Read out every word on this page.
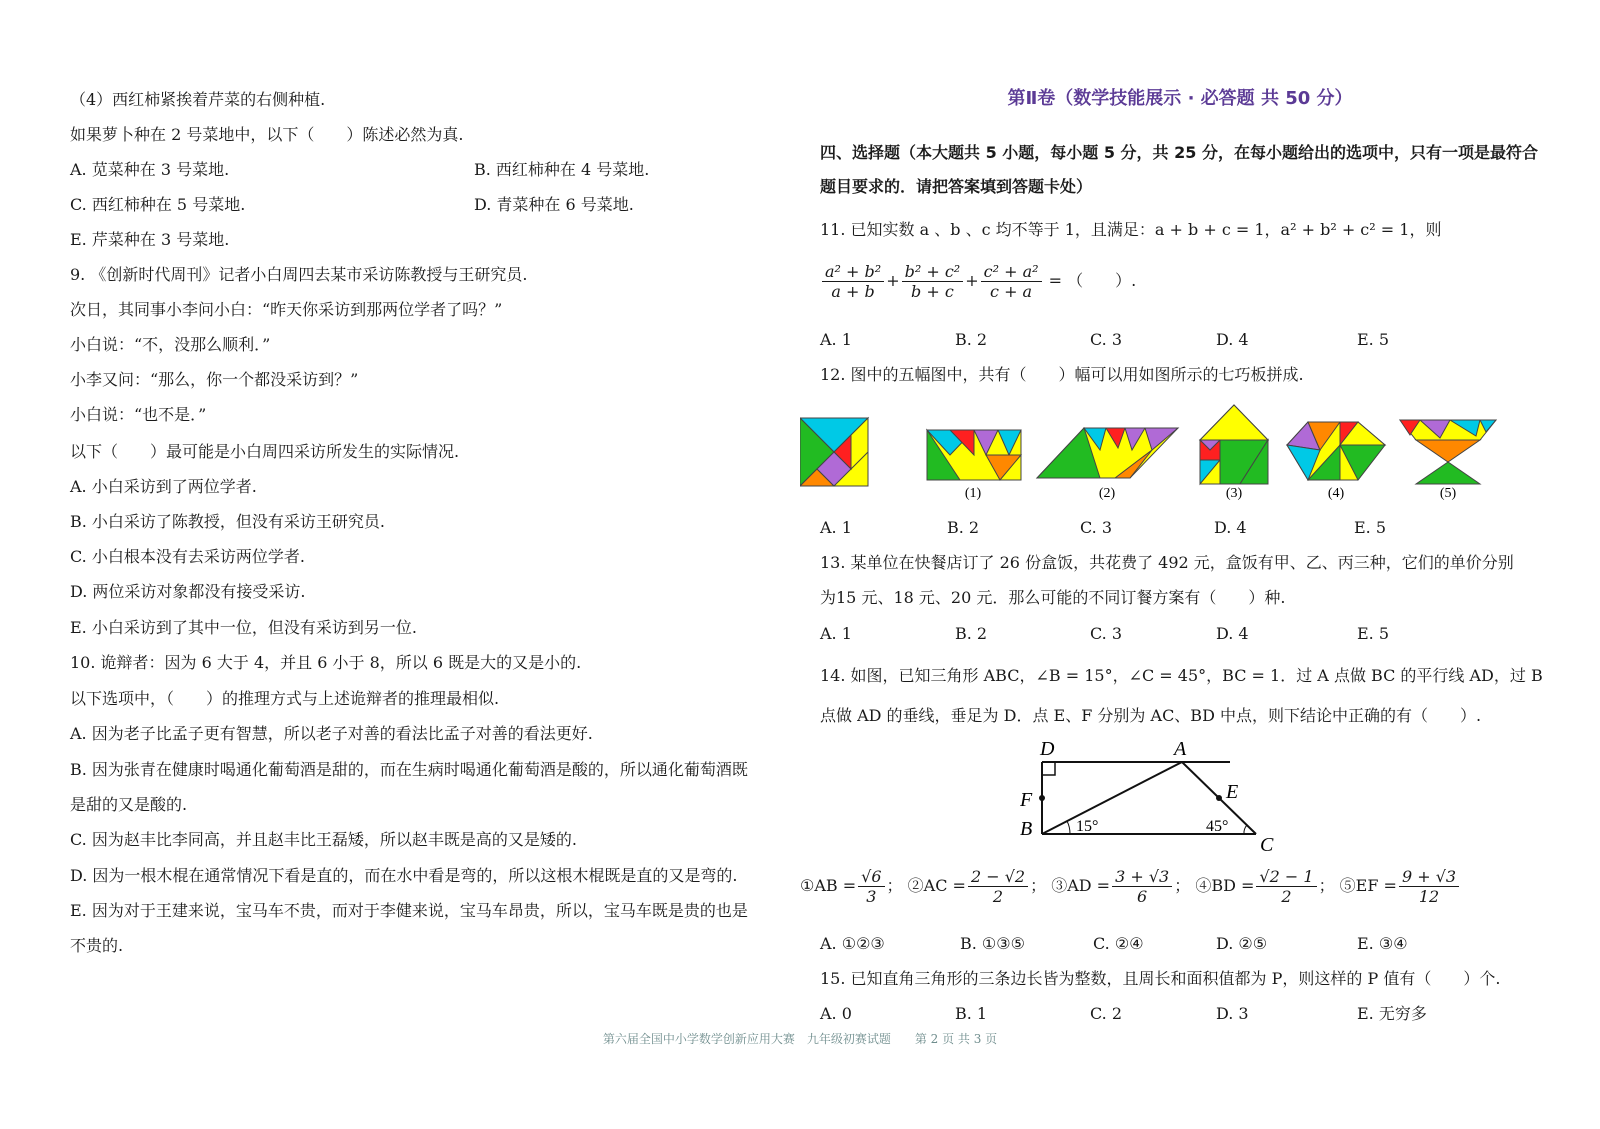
（4）西红柿紧挨着芹菜的右侧种植.
如果萝卜种在 2 号菜地中，以下（　　）陈述必然为真.
A. 苋菜种在 3 号菜地.	B. 西红柿种在 4 号菜地.
C. 西红柿种在 5 号菜地.	D. 青菜种在 6 号菜地.
E. 芹菜种在 3 号菜地.
9. 《创新时代周刊》记者小白周四去某市采访陈教授与王研究员.
次日，其同事小李问小白：“昨天你采访到那两位学者了吗？”
小白说：“不，没那么顺利．”
小李又问：“那么，你一个都没采访到？”
小白说：“也不是．”
以下（　　）最可能是小白周四采访所发生的实际情况.
A. 小白采访到了两位学者.
B. 小白采访了陈教授，但没有采访王研究员.
C. 小白根本没有去采访两位学者.
D. 两位采访对象都没有接受采访.
E. 小白采访到了其中一位，但没有采访到另一位.
10. 诡辩者：因为 6 大于 4，并且 6 小于 8，所以 6 既是大的又是小的.
以下选项中，（　　）的推理方式与上述诡辩者的推理最相似.
A. 因为老子比孟子更有智慧，所以老子对善的看法比孟子对善的看法更好.
B. 因为张青在健康时喝通化葡萄酒是甜的，而在生病时喝通化葡萄酒是酸的，所以通化葡萄酒既
是甜的又是酸的.
C. 因为赵丰比李同高，并且赵丰比王磊矮，所以赵丰既是高的又是矮的.
D. 因为一根木棍在通常情况下看是直的，而在水中看是弯的，所以这根木棍既是直的又是弯的.
E. 因为对于王建来说，宝马车不贵，而对于李健来说，宝马车昂贵，所以，宝马车既是贵的也是
不贵的.
第Ⅱ卷（数学技能展示 · 必答题 共 50 分）
四、选择题（本大题共 5 小题，每小题 5 分，共 25 分，在每小题给出的选项中，只有一项是最符合题目要求的．请把答案填到答题卡处）
11. 已知实数 a 、b 、c 均不等于 1，且满足：a + b + c = 1，a² + b² + c² = 1，则
$\frac{\text{a² + b²}}{a + b} + \frac{\text{b² + c²}}{b + c} + \frac{\text{c² + a²}}{c + a}$ = （　　）.
A. 1	B. 2	C. 3	D. 4	E. 5
12. 图中的五幅图中，共有（　　）幅可以用如图所示的七巧板拼成.
(1)	(2)	(3)	(4)	(5)
A. 1	B. 2	C. 3	D. 4	E. 5
13. 某单位在快餐店订了 26 份盒饭，共花费了 492 元，盒饭有甲、乙、丙三种，它们的单价分别
为15 元、18 元、20 元．那么可能的不同订餐方案有（　　）种.
A. 1	B. 2	C. 3	D. 4	E. 5
14. 如图，已知三角形 ABC，∠B = 15°，∠C = 45°，BC = 1．过 A 点做 BC 的平行线 AD，过 B
点做 AD 的垂线，垂足为 D．点 E、F 分别为 AC、BD 中点，则下结论中正确的有（　　）.
D	A
F	E
B
C
15°	45°
①AB = $\frac{√6}{3}$ ； ②AC = $\frac{2 - √2}{2}$ ； ③AD = $\frac{3 + √3}{6}$ ； ④BD = $\frac{√2 - 1}{2}$ ； ⑤EF = $\frac{9 + √3}{12}$
A. ①②③	B. ①③⑤	C. ②④	D. ②⑤	E. ③④
15. 已知直角三角形的三条边长皆为整数，且周长和面积值都为 P，则这样的 P 值有（　　）个.
A. 0	B. 1	C. 2	D. 3	E. 无穷多
第六届全国中小学数学创新应用大赛　九年级初赛试题　　第 2 页 共 3 页
